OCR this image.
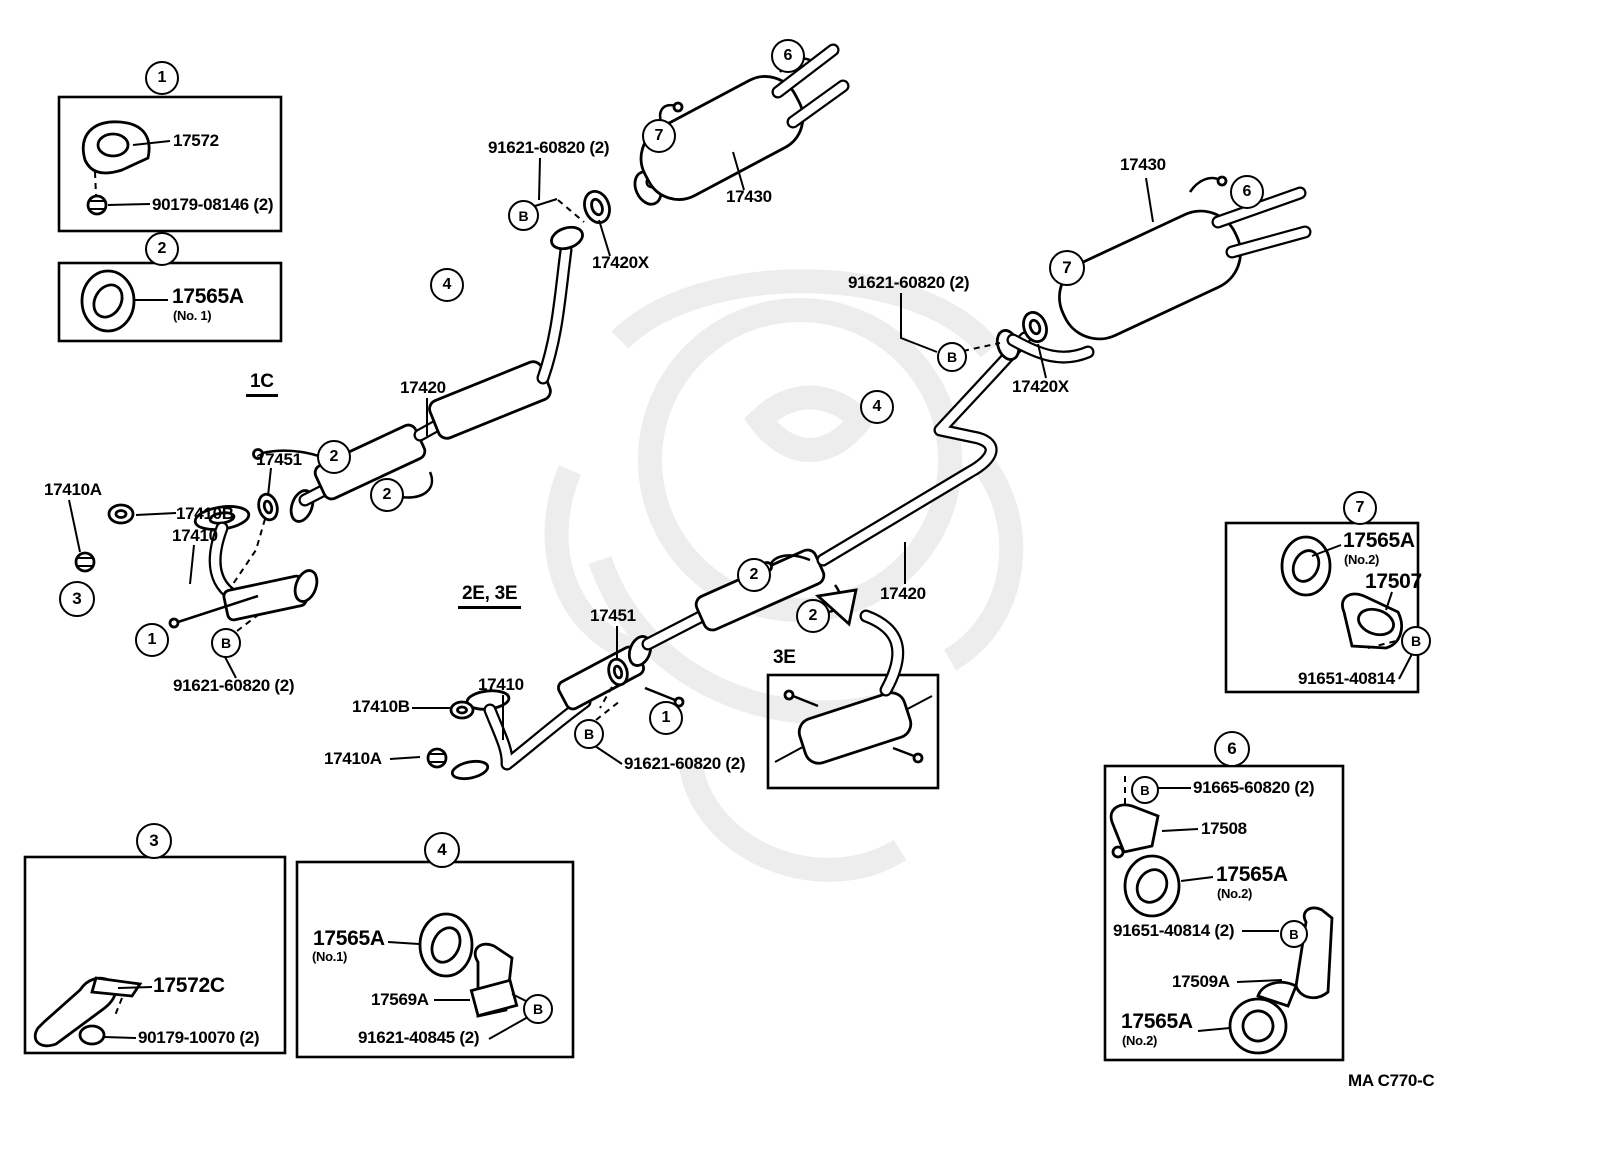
1
2
6
7
B
4
2
2
3
1	B
2
2
1
B
4
B
7
6
7
B
6
B
B
3	4
B
17572
90179-08146 (2)
17565A
(No. 1)
1C
91621-60820 (2)
17420X
17430
17420
17451
17410A
17410B
17410
91621-60820 (2)
2E, 3E
17451
17410
17410B
17410A	91621-60820 (2)
3E
17420
91621-60820 (2)
17420X
17430
17565A
(No.2)
17507
91651-40814
91665-60820 (2)
17508
17565A
(No.2)
91651-40814 (2)
17509A
17565A
(No.2)
17572C
90179-10070 (2)
17565A
(No.1)
17569A
91621-40845 (2)
MA C770-C
